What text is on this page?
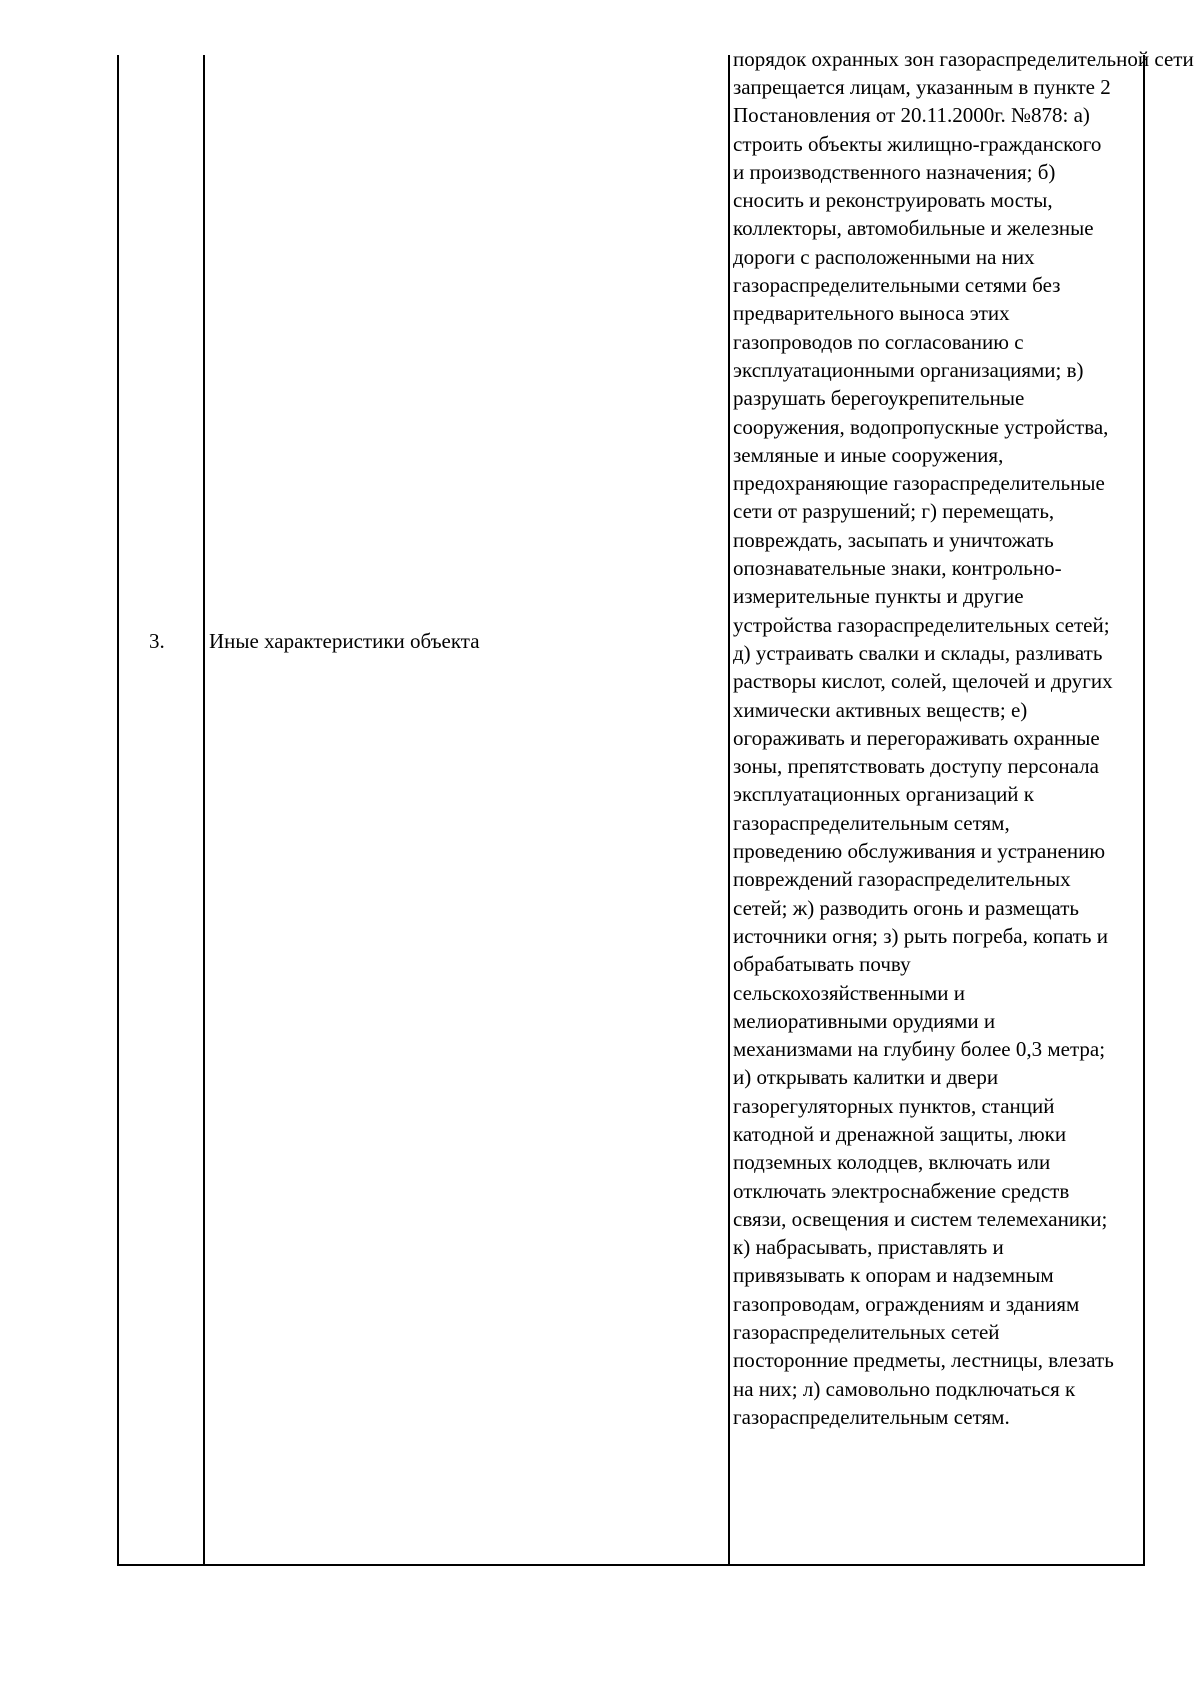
3. Иные характеристики объекта
порядок охранных зон газораспределительной сети
запрещается лицам, указанным в пункте 2
Постановления от 20.11.2000г. №878: а)
строить объекты жилищно-гражданского
и производственного назначения; б)
сносить и реконструировать мосты,
коллекторы, автомобильные и железные
дороги с расположенными на них
газораспределительными сетями без
предварительного выноса этих
газопроводов по согласованию с
эксплуатационными организациями; в)
разрушать берегоукрепительные
сооружения, водопропускные устройства,
земляные и иные сооружения,
предохраняющие газораспределительные
сети от разрушений; г) перемещать,
повреждать, засыпать и уничтожать
опознавательные знаки, контрольно-
измерительные пункты и другие
устройства газораспределительных сетей;
д) устраивать свалки и склады, разливать
растворы кислот, солей, щелочей и других
химически активных веществ; е)
огораживать и перегораживать охранные
зоны, препятствовать доступу персонала
эксплуатационных организаций к
газораспределительным сетям,
проведению обслуживания и устранению
повреждений газораспределительных
сетей; ж) разводить огонь и размещать
источники огня; з) рыть погреба, копать и
обрабатывать почву
сельскохозяйственными и
мелиоративными орудиями и
механизмами на глубину более 0,3 метра;
и) открывать калитки и двери
газорегуляторных пунктов, станций
катодной и дренажной защиты, люки
подземных колодцев, включать или
отключать электроснабжение средств
связи, освещения и систем телемеханики;
к) набрасывать, приставлять и
привязывать к опорам и надземным
газопроводам, ограждениям и зданиям
газораспределительных сетей
посторонние предметы, лестницы, влезать
на них; л) самовольно подключаться к
газораспределительным сетям.
